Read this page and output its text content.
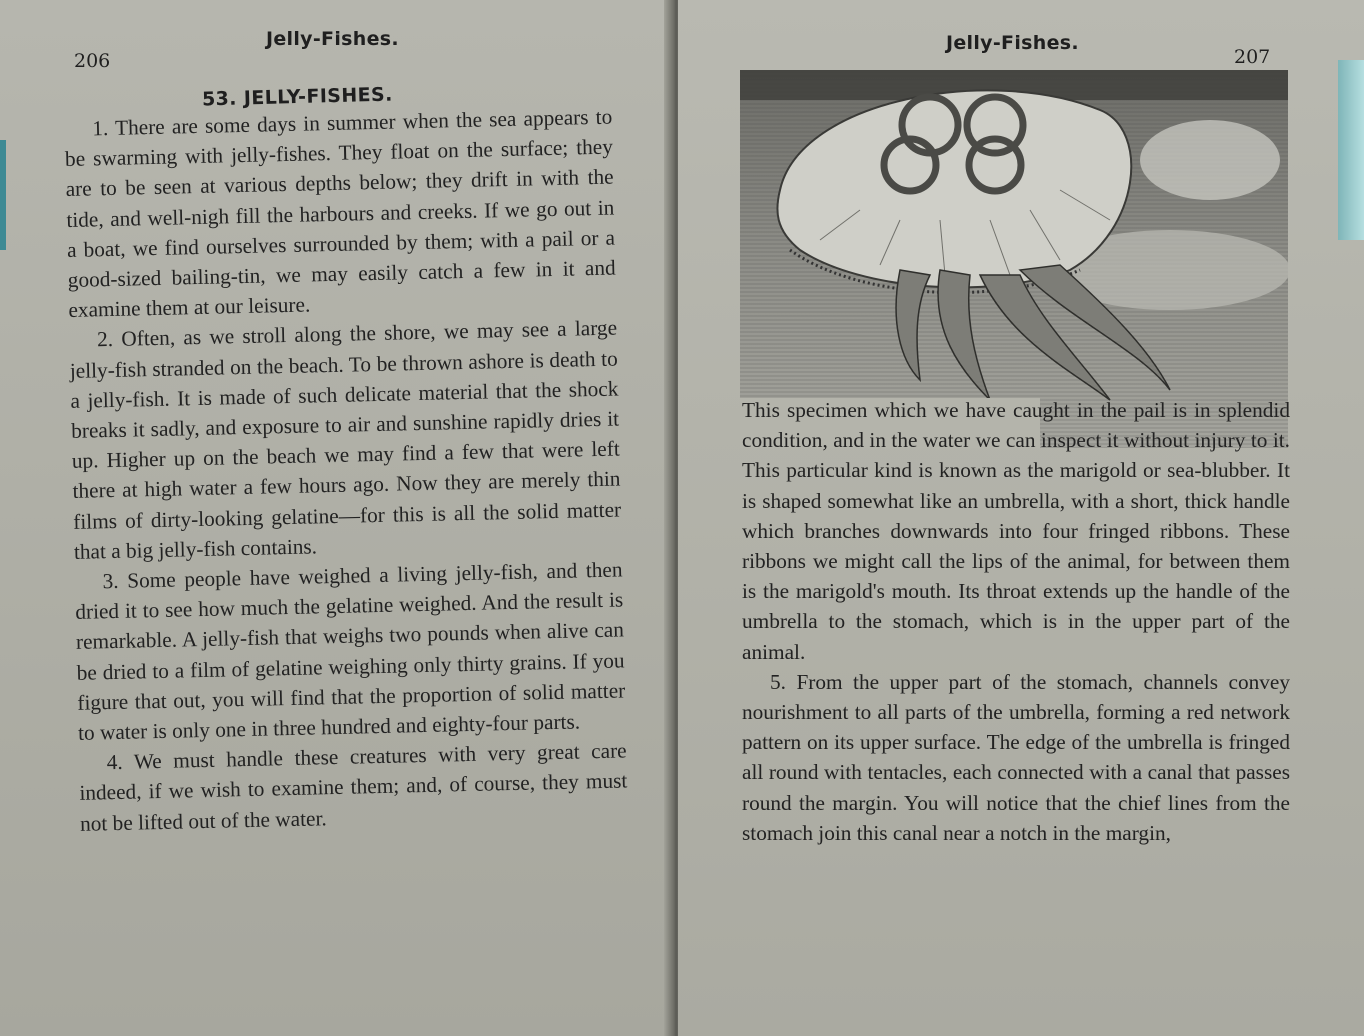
206
Jelly-Fishes.
53. JELLY-FISHES.

1. There are some days in summer when the sea appears to be swarming with jelly-fishes. They float on the surface; they are to be seen at various depths below; they drift in with the tide, and well-nigh fill the harbours and creeks. If we go out in a boat, we find ourselves surrounded by them; with a pail or a good-sized bailing-tin, we may easily catch a few in it and examine them at our leisure.

2. Often, as we stroll along the shore, we may see a large jelly-fish stranded on the beach. To be thrown ashore is death to a jelly-fish. It is made of such delicate material that the shock breaks it sadly, and exposure to air and sunshine rapidly dries it up. Higher up on the beach we may find a few that were left there at high water a few hours ago. Now they are merely thin films of dirty-looking gelatine—for this is all the solid matter that a big jelly-fish contains.

3. Some people have weighed a living jelly-fish, and then dried it to see how much the gelatine weighed. And the result is remarkable. A jelly-fish that weighs two pounds when alive can be dried to a film of gelatine weighing only thirty grains. If you figure that out, you will find that the proportion of solid matter to water is only one in three hundred and eighty-four parts.

4. We must handle these creatures with very great care indeed, if we wish to examine them; and, of course, they must not be lifted out of the water.

Jelly-Fishes.
207

This specimen which we have caught in the pail is in splendid condition, and in the water we can inspect it without injury to it. This particular kind is known as the marigold or sea-blubber. It is shaped somewhat like an umbrella, with a short, thick handle which branches downwards into four fringed ribbons. These ribbons we might call the lips of the animal, for between them is the marigold's mouth. Its throat extends up the handle of the umbrella to the stomach, which is in the upper part of the animal.

5. From the upper part of the stomach, channels convey nourishment to all parts of the umbrella, forming a red network pattern on its upper surface. The edge of the umbrella is fringed all round with tentacles, each connected with a canal that passes round the margin. You will notice that the chief lines from the stomach join this canal near a notch in the margin,
